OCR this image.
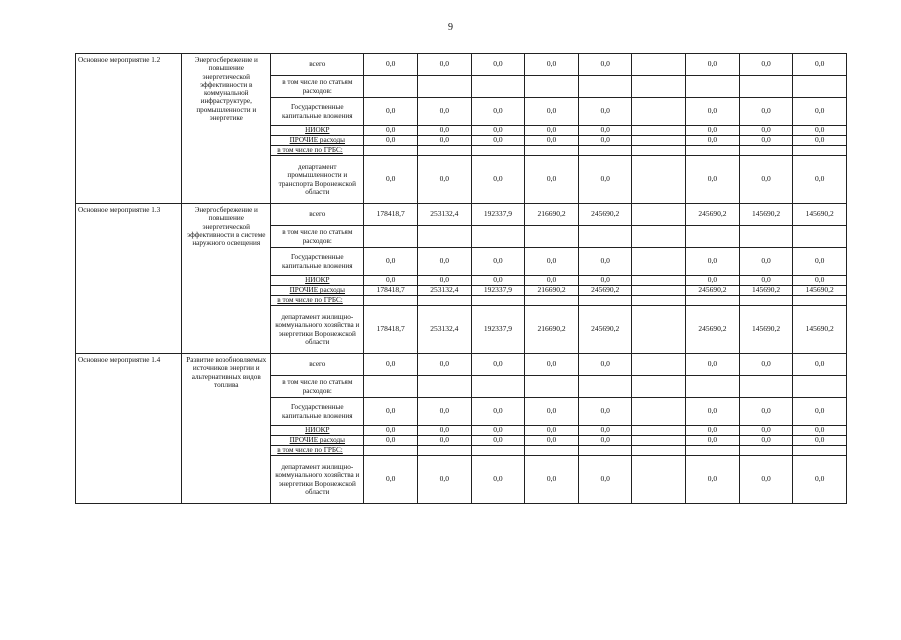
9
Основное мероприятие 1.2	Энергосбережение и повышение энергетической эффективности в коммунальной инфраструктуре, промышленности и энергетике	всего	0,0	0,0	0,0	0,0	0,0		0,0	0,0	0,0
		в том числе по статьям расходов:									
		Государственные капитальные вложения	0,0	0,0	0,0	0,0	0,0		0,0	0,0	0,0
		НИОКР	0,0	0,0	0,0	0,0	0,0		0,0	0,0	0,0
		ПРОЧИЕ расходы	0,0	0,0	0,0	0,0	0,0		0,0	0,0	0,0
		в том числе по ГРБС:									
		департамент промышленности и транспорта Воронежской области	0,0	0,0	0,0	0,0	0,0		0,0	0,0	0,0
Основное мероприятие 1.3	Энергосбережение и повышение энергетической эффективности в системе наружного освещения	всего	178418,7	253132,4	192337,9	216690,2	245690,2		245690,2	145690,2	145690,2
		в том числе по статьям расходов:									
		Государственные капитальные вложения	0,0	0,0	0,0	0,0	0,0		0,0	0,0	0,0
		НИОКР	0,0	0,0	0,0	0,0	0,0		0,0	0,0	0,0
		ПРОЧИЕ расходы	178418,7	253132,4	192337,9	216690,2	245690,2		245690,2	145690,2	145690,2
		в том числе по ГРБС:									
		департамент жилищно-коммунального хозяйства и энергетики Воронежской области	178418,7	253132,4	192337,9	216690,2	245690,2		245690,2	145690,2	145690,2
Основное мероприятие 1.4	Развитие возобновляемых источников энергии и альтернативных видов топлива	всего	0,0	0,0	0,0	0,0	0,0		0,0	0,0	0,0
		в том числе по статьям расходов:									
		Государственные капитальные вложения	0,0	0,0	0,0	0,0	0,0		0,0	0,0	0,0
		НИОКР	0,0	0,0	0,0	0,0	0,0		0,0	0,0	0,0
		ПРОЧИЕ расходы	0,0	0,0	0,0	0,0	0,0		0,0	0,0	0,0
		в том числе по ГРБС:									
		департамент жилищно-коммунального хозяйства и энергетики Воронежской области	0,0	0,0	0,0	0,0	0,0		0,0	0,0	0,0
